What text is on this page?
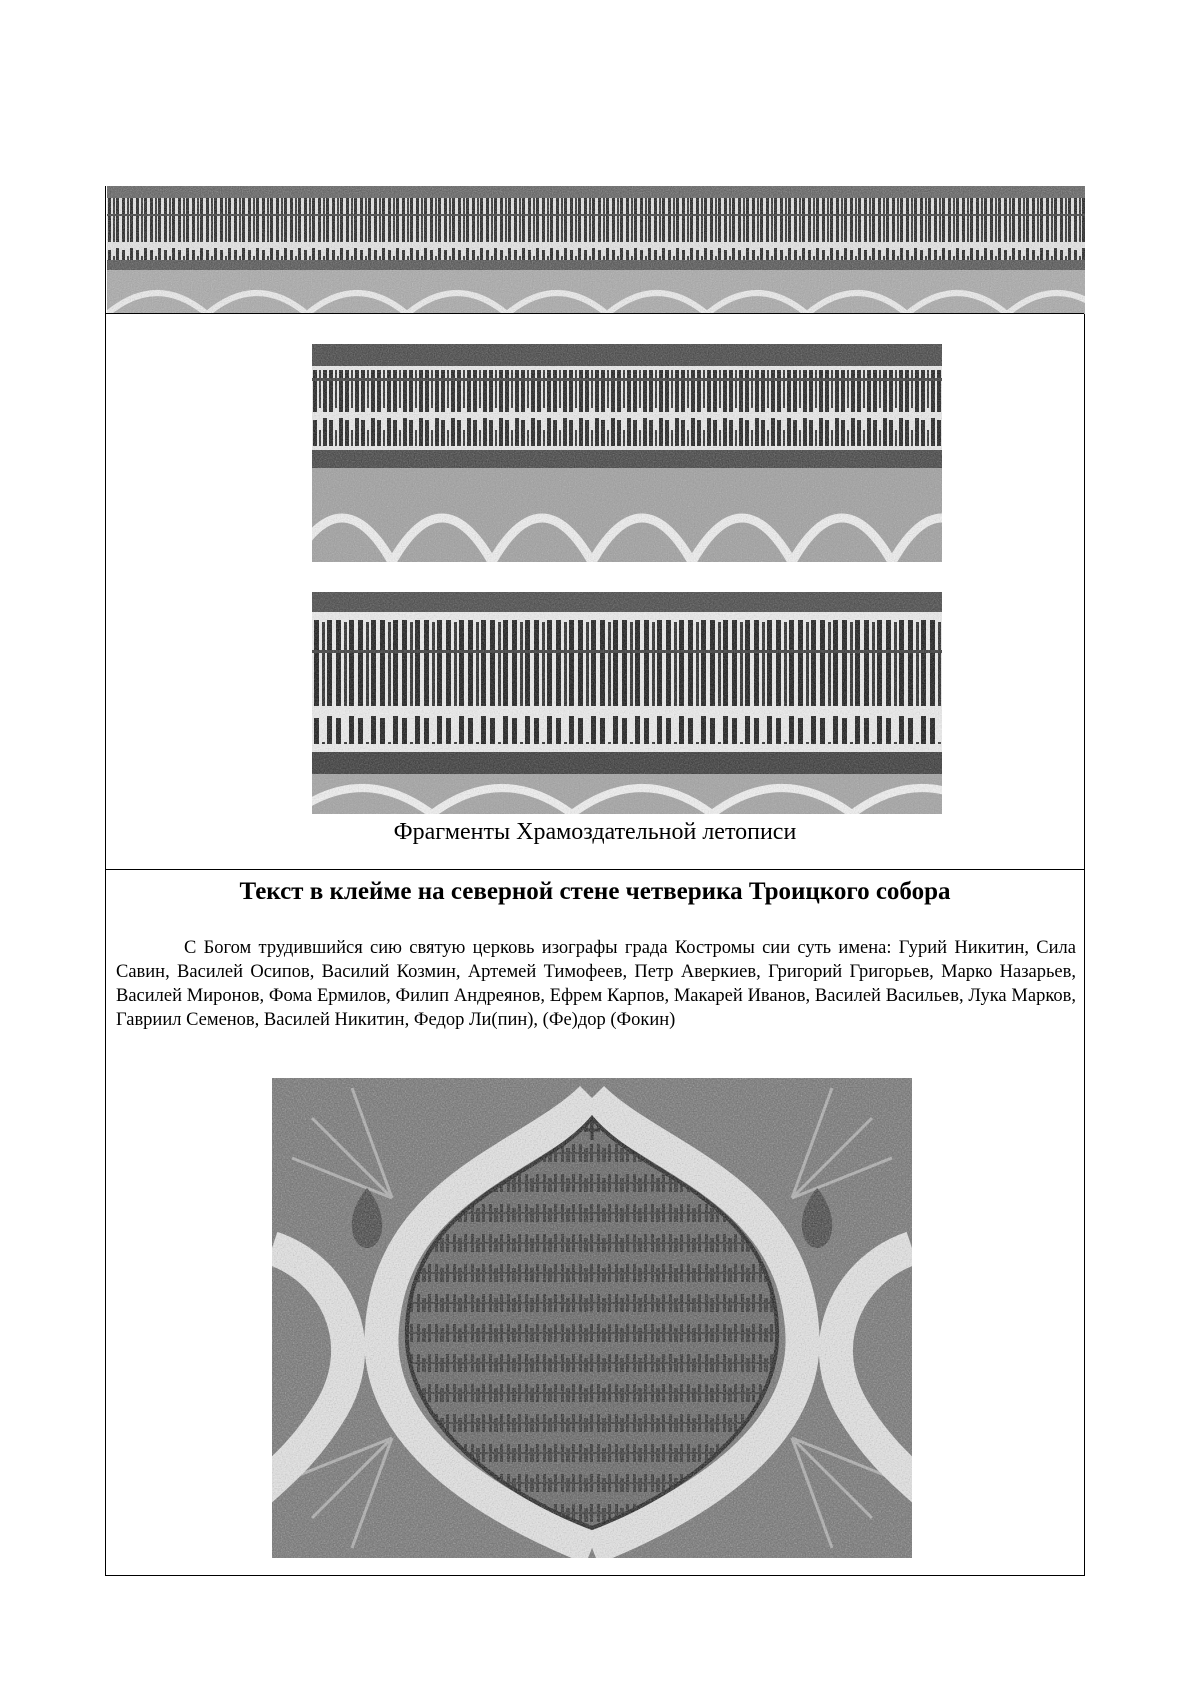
Фрагменты Храмоздательной летописи
Текст в клейме на северной стене четверика Троицкого собора
С Богом трудившийся сию святую церковь изографы града Костромы сии суть имена: Гурий Никитин, Сила Савин, Василей Осипов, Василий Козмин, Артемей Тимофеев, Петр Аверкиев, Григорий Григорьев, Марко Назарьев, Василей Миронов, Фома Ермилов, Филип Андреянов, Ефрем Карпов, Макарей Иванов, Василей Васильев, Лука Марков, Гавриил Семенов, Василей Никитин, Федор Ли(пин), (Фе)дор (Фокин)
